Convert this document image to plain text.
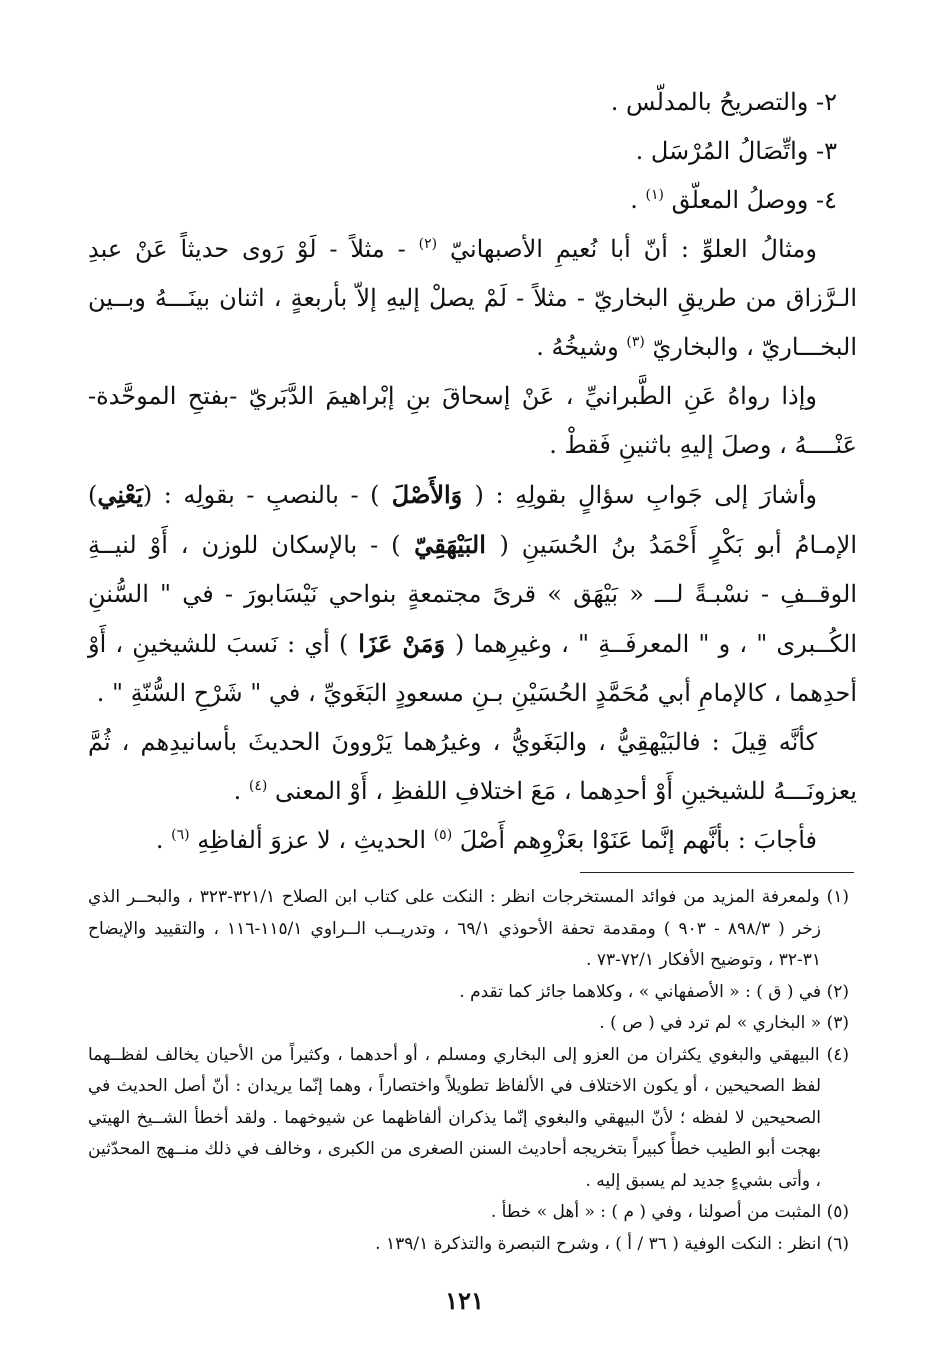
٢- والتصريحُ بالمدلّس .

٣- واتِّصَالُ المُرْسَل .

٤- ووصلُ المعلّق $^{(١)}$ .

ومثالُ العلوِّ : أنّ أبا نُعيمِ الأصبهانيّ $^{(٢)}$ - مثلاً - لَوْ رَوى حديثاً عَنْ عبدِ الـرَّزاق من طريقِ البخاريّ - مثلاً - لَمْ يصلْ إليهِ إلاّ بأربعةٍ ، اثنان بينَـــهُ وبــين البخـــاريّ ، والبخاريّ $^{(٣)}$ وشيخُهُ .

وإذا رواهُ عَنِ الطَّبرانيِّ ، عَنْ إسحاقَ بنِ إبْراهيمَ الدَّبَريّ -بفتحِ الموحَّدة- عَنْــــهُ ، وصلَ إليهِ باثنينِ فَقطْ .

وأشارَ إلى جَوابِ سؤالٍ بقولِهِ : ( وَالأَصْلَ ) - بالنصبِ - بقولِه : (يَعْنِي) الإمـامُ أبو بَكْرٍ أَحْمَدُ بنُ الحُسَينِ ( البَيْهَقِيّ ) - بالإسكان للوزن ، أَوْ لنيــةِ الوقــفِ - نسْبـةً لـــ « بَيْهَق » قرىً مجتمعةٍ بنواحي نَيْسَابورَ - في " السُّننِ الكُــبرى " ، و " المعرفَــةِ " ، وغيرِهما ( وَمَنْ عَزَا ) أي : نَسبَ للشيخينِ ، أَوْ أحدِهما ، كالإمامِ أبي مُحَمَّدٍ الحُسَيْنِ بـنِ مسعودٍ البَغَويِّ ، في " شَرْحِ السُّنّةِ " .

كأنَّه قِيلَ : فالبَيْهقِيُّ ، والبَغَويُّ ، وغيرُهما يَرْوونَ الحديثَ بأسانيدِهم ، ثُمَّ يعزونَـــهُ للشيخينِ أَوْ أحدِهما ، مَعَ اختلافِ اللفظِ ، أَوْ المعنى $^{(٤)}$ .

فأجابَ : بأنَّهم إنَّما عَنَوْا بعَزْوِهم أَصْلَ $^{(٥)}$ الحديثِ ، لا عزوَ ألفاظِهِ $^{(٦)}$ .

(١) ولمعرفة المزيد من فوائد المستخرجات انظر : النكت على كتاب ابن الصلاح ٣٢١/١-٣٢٣ ، والبحــر الذي زخر ( ٨٩٨/٣ - ٩٠٣ ) ومقدمة تحفة الأحوذي ٦٩/١ ، وتدريــب الــراوي ١١٥/١-١١٦ ، والتقييد والإيضاح ٣١-٣٢ ، وتوضيح الأفكار ٧٢/١-٧٣ .

(٢) في ( ق ) : « الأصفهاني » ، وكلاهما جائز كما تقدم .

(٣) « البخاري » لم ترد في ( ص ) .

(٤) البيهقي والبغوي يكثران من العزو إلى البخاري ومسلم ، أو أحدهما ، وكثيراً من الأحيان يخالف لفظــهما لفظ الصحيحين ، أو يكون الاختلاف في الألفاظ تطويلاً واختصاراً ، وهما إنّما يريدان : أنّ أصل الحديث في الصحيحين لا لفظه ؛ لأنّ البيهقي والبغوي إنّما يذكران ألفاظهما عن شيوخهما . ولقد أخطأ الشــيخ الهيتي بهجت أبو الطيب خطأً كبيراً بتخريجه أحاديث السنن الصغرى من الكبرى ، وخالف في ذلك منــهج المحدّثين ، وأتى بشيءٍ جديد لم يسبق إليه .

(٥) المثبت من أصولنا ، وفي ( م ) : « أهل » خطأ .

(٦) انظر : النكت الوفية ( ٣٦ / أ ) ، وشرح التبصرة والتذكرة ١٣٩/١ .

١٢١
